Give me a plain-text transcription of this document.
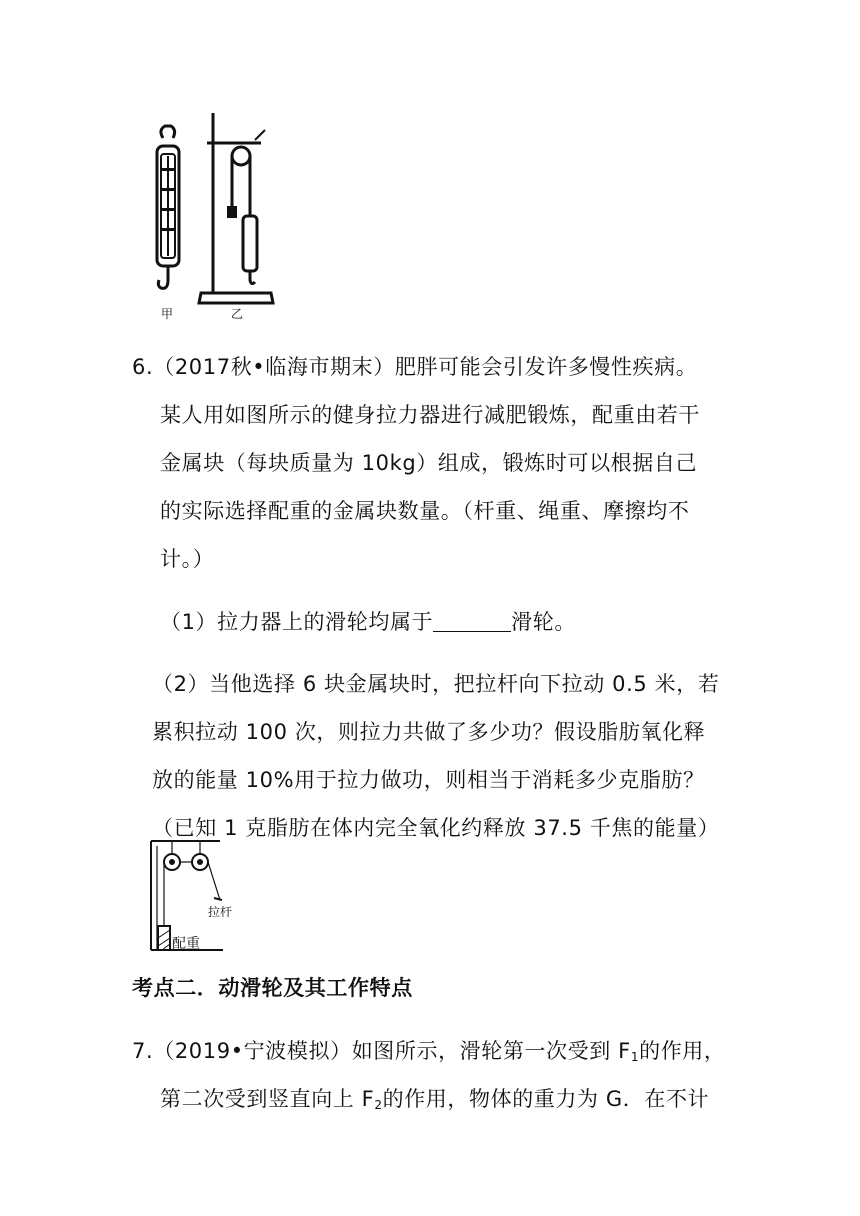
甲	乙
6.（2017秋•临海市期末）肥胖可能会引发许多慢性疾病。
某人用如图所示的健身拉力器进行减肥锻炼，配重由若干
金属块（每块质量为 10kg）组成，锻炼时可以根据自己
的实际选择配重的金属块数量。（杆重、绳重、摩擦均不
计。）
（1）拉力器上的滑轮均属于	滑轮。
（2）当他选择 6 块金属块时，把拉杆向下拉动 0.5 米，若
累积拉动 100 次，则拉力共做了多少功？假设脂肪氧化释
放的能量 10%用于拉力做功，则相当于消耗多少克脂肪？
（已知 1 克脂肪在体内完全氧化约释放 37.5 千焦的能量）
拉杆
配重
考点二．动滑轮及其工作特点
7.（2019•宁波模拟）如图所示，滑轮第一次受到 $F_1$的作用，
第二次受到竖直向上 $F_2$的作用，物体的重力为 G．在不计
